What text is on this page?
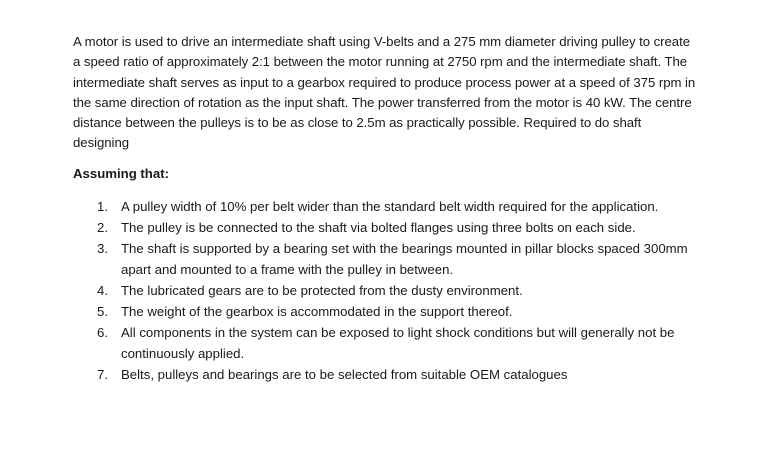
A motor is used to drive an intermediate shaft using V-belts and a 275 mm diameter driving pulley to create a speed ratio of approximately 2:1 between the motor running at 2750 rpm and the intermediate shaft. The intermediate shaft serves as input to a gearbox required to produce process power at a speed of 375 rpm in the same direction of rotation as the input shaft. The power transferred from the motor is 40 kW. The centre distance between the pulleys is to be as close to 2.5m as practically possible. Required to do shaft designing

Assuming that:

1. A pulley width of 10% per belt wider than the standard belt width required for the application.
2. The pulley is be connected to the shaft via bolted flanges using three bolts on each side.
3. The shaft is supported by a bearing set with the bearings mounted in pillar blocks spaced 300mm apart and mounted to a frame with the pulley in between.
4. The lubricated gears are to be protected from the dusty environment.
5. The weight of the gearbox is accommodated in the support thereof.
6. All components in the system can be exposed to light shock conditions but will generally not be continuously applied.
7. Belts, pulleys and bearings are to be selected from suitable OEM catalogues
